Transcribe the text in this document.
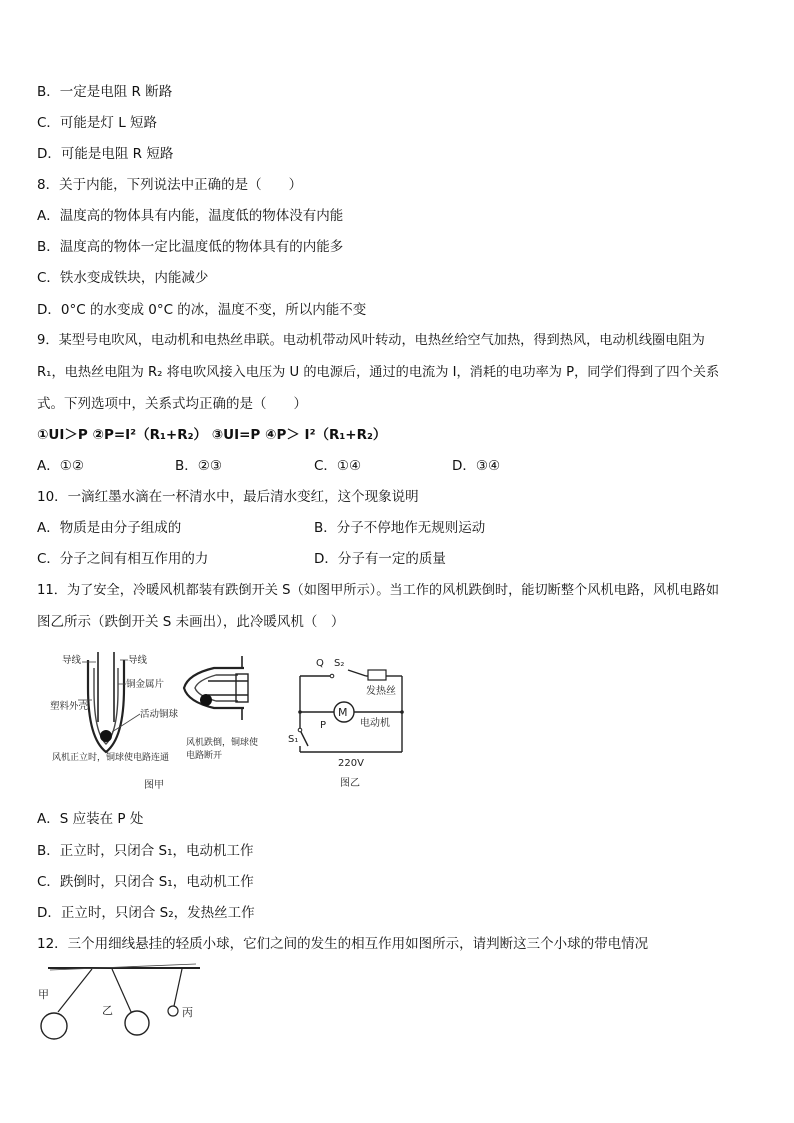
B．一定是电阻 R 断路
C．可能是灯 L 短路
D．可能是电阻 R 短路
8．关于内能，下列说法中正确的是（　　）
A．温度高的物体具有内能，温度低的物体没有内能
B．温度高的物体一定比温度低的物体具有的内能多
C．铁水变成铁块，内能减少
D．0°C 的水变成 0°C 的冰，温度不变，所以内能不变
9．某型号电吹风，电动机和电热丝串联。电动机带动风叶转动，电热丝给空气加热，得到热风，电动机线圈电阻为
R₁，电热丝电阻为 R₂ 将电吹风接入电压为 U 的电源后，通过的电流为 I，消耗的电功率为 P，同学们得到了四个关系
式。下列选项中，关系式均正确的是（　　）
①UI＞P ②P=I²（R₁+R₂） ③UI=P ④P＞ I²（R₁+R₂）
A．①②	B．②③	C．①④	D．③④
10．一滴红墨水滴在一杯清水中，最后清水变红，这个现象说明
A．物质是由分子组成的	B．分子不停地作无规则运动
C．分子之间有相互作用的力	D．分子有一定的质量
11．为了安全，冷暖风机都装有跌倒开关 S（如图甲所示）。当工作的风机跌倒时，能切断整个风机电路，风机电路如
图乙所示（跌倒开关 S 未画出），此冷暖风机（　）
导线	导线
铜金属片
塑料外壳
活动铜球
风机正立时，铜球使电路连通
风机跌倒，铜球使
电路断开
图甲
Q S₂
发热丝
P
M
电动机
S₁
220V
图乙
A．S 应装在 P 处
B．正立时，只闭合 S₁，电动机工作
C．跌倒时，只闭合 S₁，电动机工作
D．正立时，只闭合 S₂，发热丝工作
12．三个用细线悬挂的轻质小球，它们之间的发生的相互作用如图所示，请判断这三个小球的带电情况
甲
乙	丙
